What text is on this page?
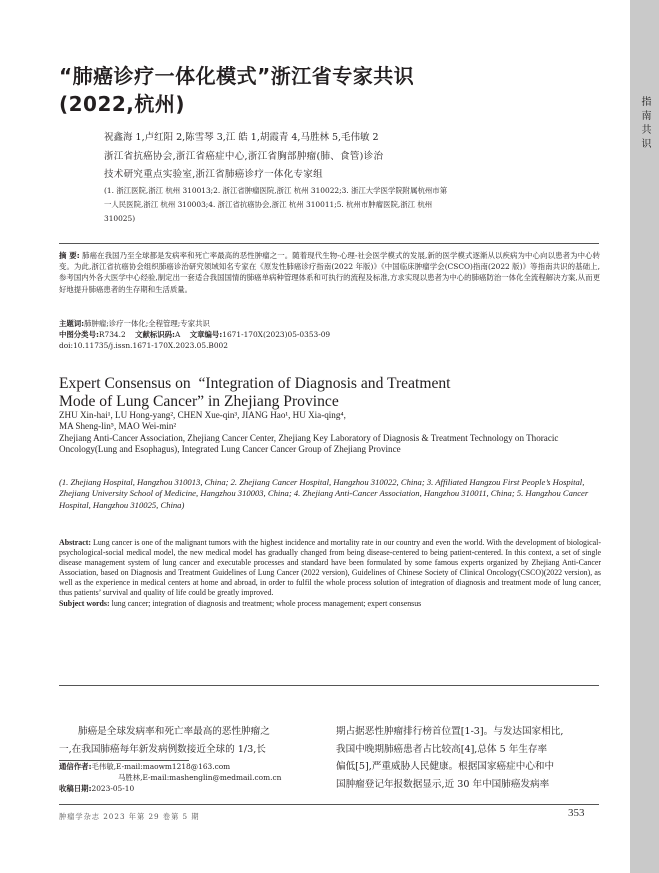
指南共识
“肺癌诊疗一体化模式”浙江省专家共识
(2022,杭州)
祝鑫海 1,卢红阳 2,陈雪琴 3,江 皓 1,胡霞青 4,马胜林 5,毛伟敏 2
浙江省抗癌协会,浙江省癌症中心,浙江省胸部肿瘤(肺、食管)诊治
技术研究重点实验室,浙江省肺癌诊疗一体化专家组
(1. 浙江医院,浙江 杭州 310013;2. 浙江省肿瘤医院,浙江 杭州 310022;3. 浙江大学医学院附属杭州市第一人民医院,浙江 杭州 310003;4. 浙江省抗癌协会,浙江 杭州 310011;5. 杭州市肿瘤医院,浙江 杭州 310025)
摘 要: 肺癌在我国乃至全球都是发病率和死亡率最高的恶性肿瘤之一。随着现代生物-心理-社会医学模式的发展,新的医学模式逐渐从以疾病为中心向以患者为中心转变。为此,浙江省抗癌协会组织肺癌诊治研究领域知名专家在《原发性肺癌诊疗指南(2022 年版)》《中国临床肿瘤学会(CSCO)指南(2022 版)》等指南共识的基础上,参考国内外各大医学中心经验,制定出一套适合我国国情的肺癌单病种管理体系和可执行的流程及标准,方求实现以患者为中心的肺癌防治一体化全流程解决方案,从而更好地提升肺癌患者的生存期和生活质量。
主题词:肺肿瘤;诊疗一体化;全程管理;专家共识
中图分类号:R734.2 文献标识码:A 文章编号:1671-170X(2023)05-0353-09
doi:10.11735/j.issn.1671-170X.2023.05.B002
Expert Consensus on  “Integration of Diagnosis and Treatment
Mode of Lung Cancer” in Zhejiang Province
ZHU Xin-hai¹, LU Hong-yang², CHEN Xue-qin³, JIANG Hao¹, HU Xia-qing⁴,
MA Sheng-lin⁵, MAO Wei-min²
Zhejiang Anti-Cancer Association, Zhejiang Cancer Center, Zhejiang Key Laboratory of Diagnosis & Treatment Technology on Thoracic Oncology(Lung and Esophagus), Integrated Lung Cancer Cancer Group of Zhejiang Province
(1. Zhejiang Hospital, Hangzhou 310013, China; 2. Zhejiang Cancer Hospital, Hangzhou 310022, China; 3. Affiliated Hangzou First People’s Hospital, Zhejiang University School of Medicine, Hangzhou 310003, China; 4. Zhejiang Anti-Cancer Association, Hangzhou 310011, China; 5. Hangzhou Cancer Hospital, Hangzhou 310025, China)
Abstract: Lung cancer is one of the malignant tumors with the highest incidence and mortality rate in our country and even the world. With the development of biological-psychological-social medical model, the new medical model has gradually changed from being disease-centered to being patient-centered. In this context, a set of single disease management system of lung cancer and executable processes and standard have been formulated by some famous experts organized by Zhejiang Anti-Cancer Association, based on Diagnosis and Treatment Guidelines of Lung Cancer (2022 version), Guidelines of Chinese Society of Clinical Oncology(CSCO)(2022 version), as well as the experience in medical centers at home and abroad, in order to fulfil the whole process solution of integration of diagnosis and treatment mode of lung cancer, thus patients’ survival and quality of life could be greatly improved.
Subject words: lung cancer; integration of diagnosis and treatment; whole process management; expert consensus

肺癌是全球发病率和死亡率最高的恶性肿瘤之

一,在我国肺癌每年新发病例数接近全球的 1/3,长

通信作者:毛伟敏,E-mail:maowm1218@163.com
马胜林,E-mail:mashenglin@medmail.com.cn
收稿日期:2023-05-10

期占据恶性肿瘤排行榜首位置[1-3]。与发达国家相比,

我国中晚期肺癌患者占比较高[4],总体 5 年生存率

偏低[5],严重威胁人民健康。根据国家癌症中心和中

国肿瘤登记年报数据显示,近 30 年中国肺癌发病率

肿瘤学杂志 2023 年第 29 卷第 5 期	353
